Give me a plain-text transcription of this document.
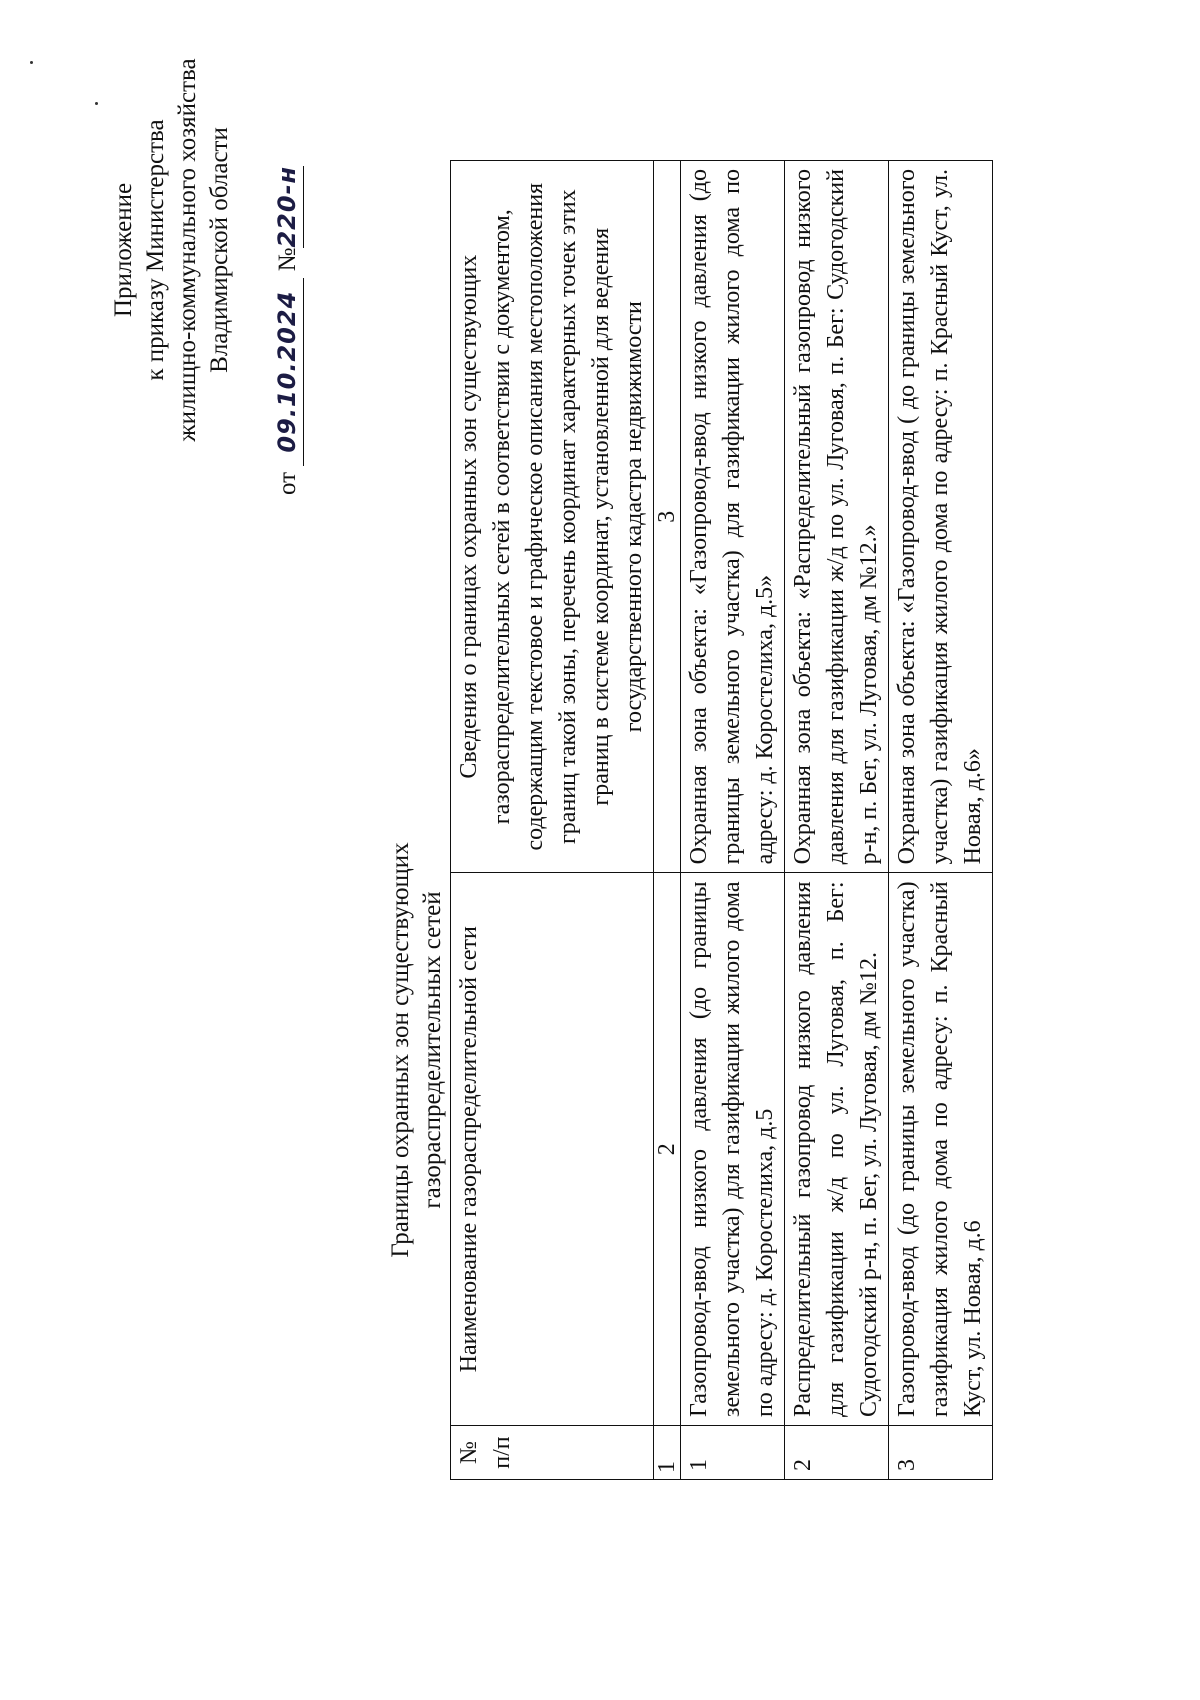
Приложение к приказу Министерства жилищно-коммунального хозяйства Владимирской области
от 09.10.2024 №220-н
Границы охранных зон существующих газораспределительных сетей
№ п/п	Наименование газораспределительной сети	Сведения о границах охранных зон существующих газораспределительных сетей в соответствии с документом, содержащим текстовое и графическое описания местоположения границ такой зоны, перечень координат характерных точек этих границ в системе координат, установленной для ведения государственного кадастра недвижимости
1	2	3
1	Газопровод-ввод низкого давления (до границы земельного участка) для газификации жилого дома по адресу: д. Коростелиха, д.5	Охранная зона объекта: «Газопровод-ввод низкого давления (до границы земельного участка) для газификации жилого дома по адресу: д. Коростелиха, д.5»
2	Распределительный газопровод низкого давления для газификации ж/д по ул. Луговая, п. Бег: Судогодский р-н, п. Бег, ул. Луговая, дм №12.	Охранная зона объекта: «Распределительный газопровод низкого давления для газификации ж/д по ул. Луговая, п. Бег: Судогодский р-н, п. Бег, ул. Луговая, дм №12.»
3	Газопровод-ввод (до границы земельного участка) газификация жилого дома по адресу: п. Красный Куст, ул. Новая, д.6	Охранная зона объекта: «Газопровод-ввод ( до границы земельного участка) газификация жилого дома по адресу: п. Красный Куст, ул. Новая, д.6»
